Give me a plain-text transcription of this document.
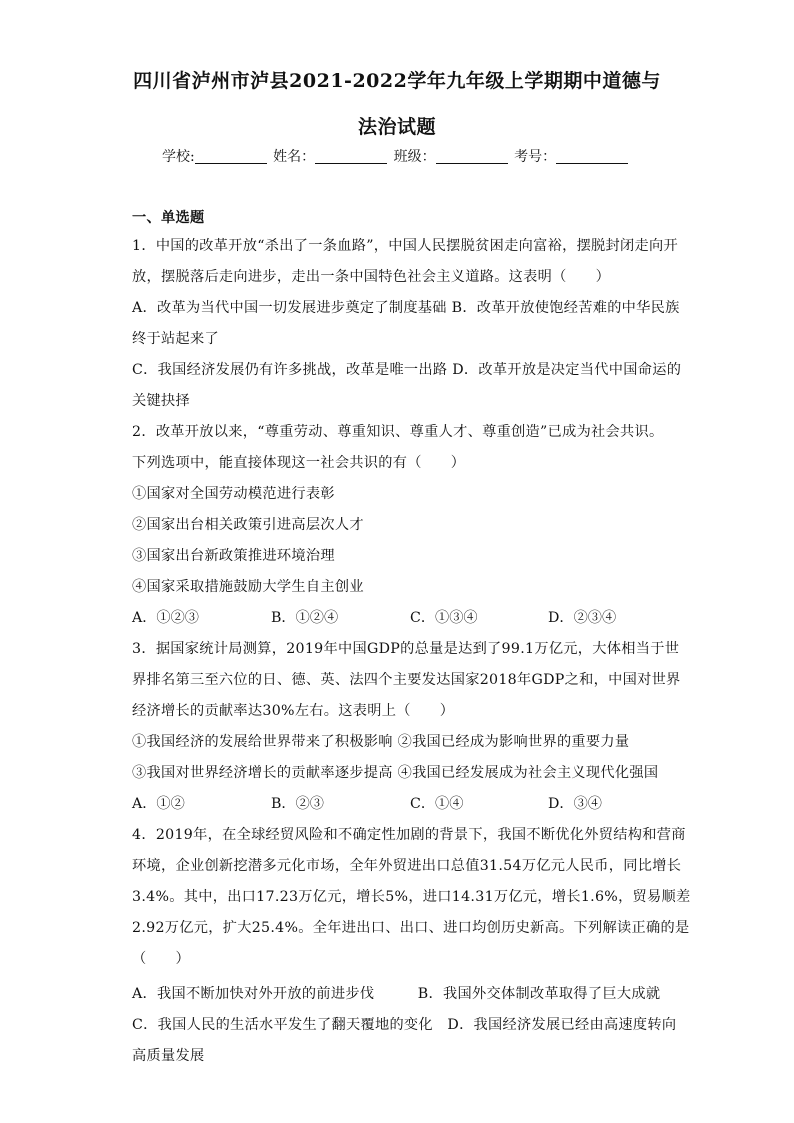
四川省泸州市泸县2021-2022学年九年级上学期期中道德与
法治试题
学校:	姓名：	班级：	考号：
一、单选题
1．中国的改革开放“杀出了一条血路”，中国人民摆脱贫困走向富裕，摆脱封闭走向开
放，摆脱落后走向进步，走出一条中国特色社会主义道路。这表明（　　）
A．改革为当代中国一切发展进步奠定了制度基础 B．改革开放使饱经苦难的中华民族
终于站起来了
C．我国经济发展仍有许多挑战，改革是唯一出路 D．改革开放是决定当代中国命运的
关键抉择
2．改革开放以来，“尊重劳动、尊重知识、尊重人才、尊重创造”已成为社会共识。
下列选项中，能直接体现这一社会共识的有（　　）
①国家对全国劳动模范进行表彰
②国家出台相关政策引进高层次人才
③国家出台新政策推进环境治理
④国家采取措施鼓励大学生自主创业
A．①②③	B．①②④	C．①③④	D．②③④
3．据国家统计局测算，2019年中国GDP的总量是达到了99.1万亿元，大体相当于世
界排名第三至六位的日、德、英、法四个主要发达国家2018年GDP之和，中国对世界
经济增长的贡献率达30%左右。这表明上（　　）
①我国经济的发展给世界带来了积极影响 ②我国已经成为影响世界的重要力量
③我国对世界经济增长的贡献率逐步提高 ④我国已经发展成为社会主义现代化强国
A．①②	B．②③	C．①④	D．③④
4．2019年，在全球经贸风险和不确定性加剧的背景下，我国不断优化外贸结构和营商
环境，企业创新挖潜多元化市场，全年外贸进出口总值31.54万亿元人民币，同比增长
3.4%。其中，出口17.23万亿元，增长5%，进口14.31万亿元，增长1.6%，贸易顺差
2.92万亿元，扩大25.4%。全年进出口、出口、进口均创历史新高。下列解读正确的是
（　　）
A．我国不断加快对外开放的前进步伐　　　B．我国外交体制改革取得了巨大成就
C．我国人民的生活水平发生了翻天覆地的变化　D．我国经济发展已经由高速度转向
高质量发展
